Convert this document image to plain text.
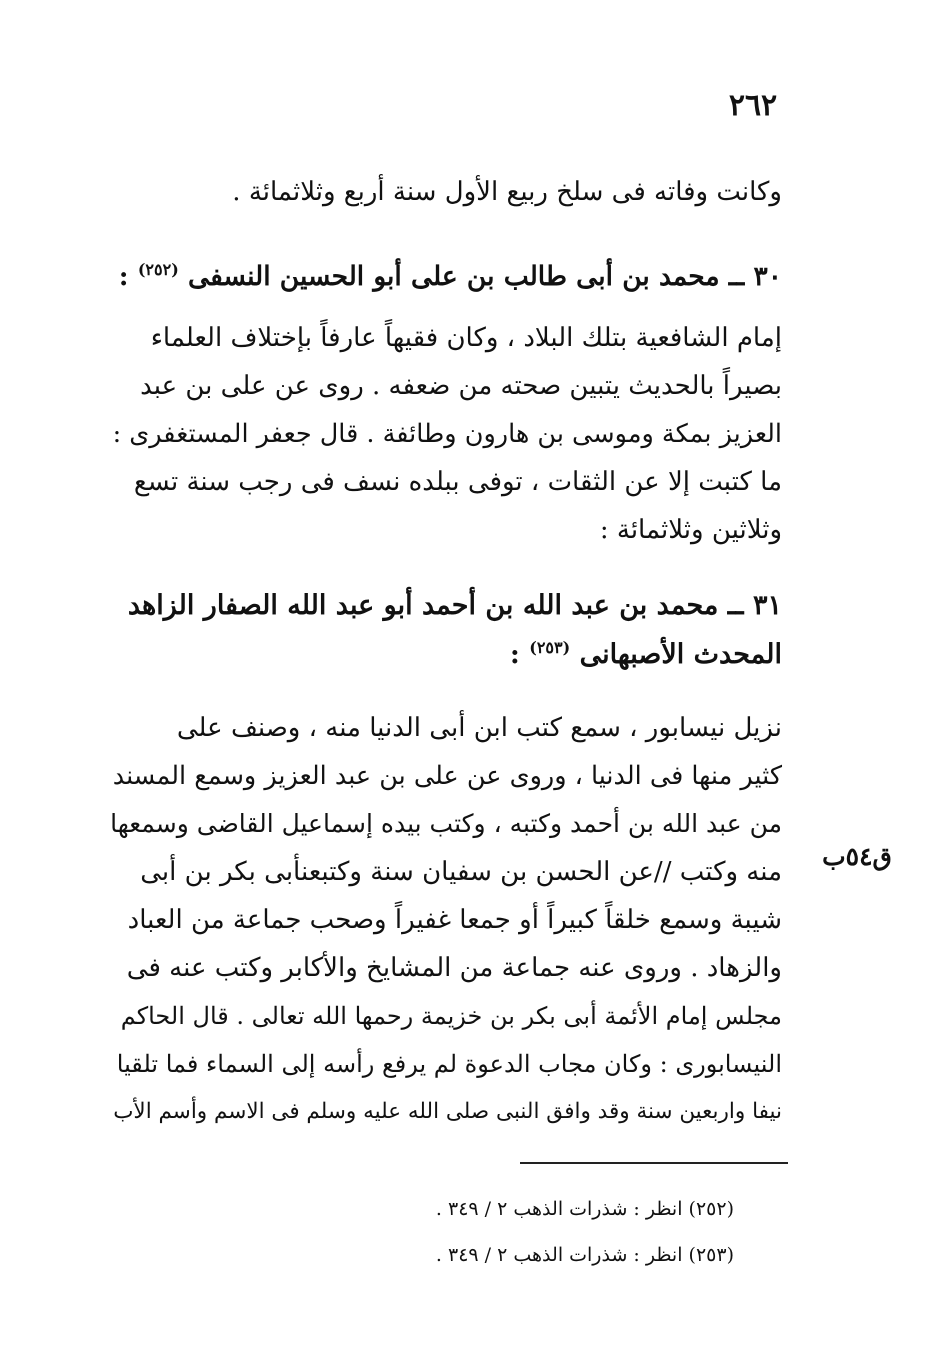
٢٦٢
وكانت وفاته فى سلخ ربيع الأول سنة أربع وثلاثمائة .
٣٠ ــ محمد بن أبى طالب بن على أبو الحسين النسفى $^{(٢٥٢)}$ :
إمام الشافعية بتلك البلاد ، وكان فقيهاً عارفاً بإختلاف العلماء
بصيراً بالحديث يتبين صحته من ضعفه . روى عن على بن عبد
العزيز بمكة وموسى بن هارون وطائفة . قال جعفر المستغفرى :
ما كتبت إلا عن الثقات ، توفى ببلده نسف فى رجب سنة تسع
وثلاثين وثلاثمائة :
٣١ ــ محمد بن عبد الله بن أحمد أبو عبد الله الصفار الزاهد
المحدث الأصبهانى $^{(٢٥٣)}$ :
نزيل نيسابور ، سمع كتب ابن أبى الدنيا منه ، وصنف على
كثير منها فى الدنيا ، وروى عن على بن عبد العزيز وسمع المسند
من عبد الله بن أحمد وكتبه ، وكتب بيده إسماعيل القاضى وسمعها
منه وكتب //عن الحسن بن سفيان سنة وكتبعنأبى بكر بن أبى
شيبة وسمع خلقاً كبيراً أو جمعا غفيراً وصحب جماعة من العباد
والزهاد . وروى عنه جماعة من المشايخ والأكابر وكتب عنه فى
مجلس إمام الأئمة أبى بكر بن خزيمة رحمها الله تعالى . قال الحاكم
النيسابورى : وكان مجاب الدعوة لم يرفع رأسه إلى السماء فما تلقيا
نيفا واربعين سنة وقد وافق النبى صلى الله عليه وسلم فى الاسم وأسم الأب
ق٥٤ب
(٢٥٢) انظر : شذرات الذهب ٢ / ٣٤٩ .
(٢٥٣) انظر : شذرات الذهب ٢ / ٣٤٩ .
